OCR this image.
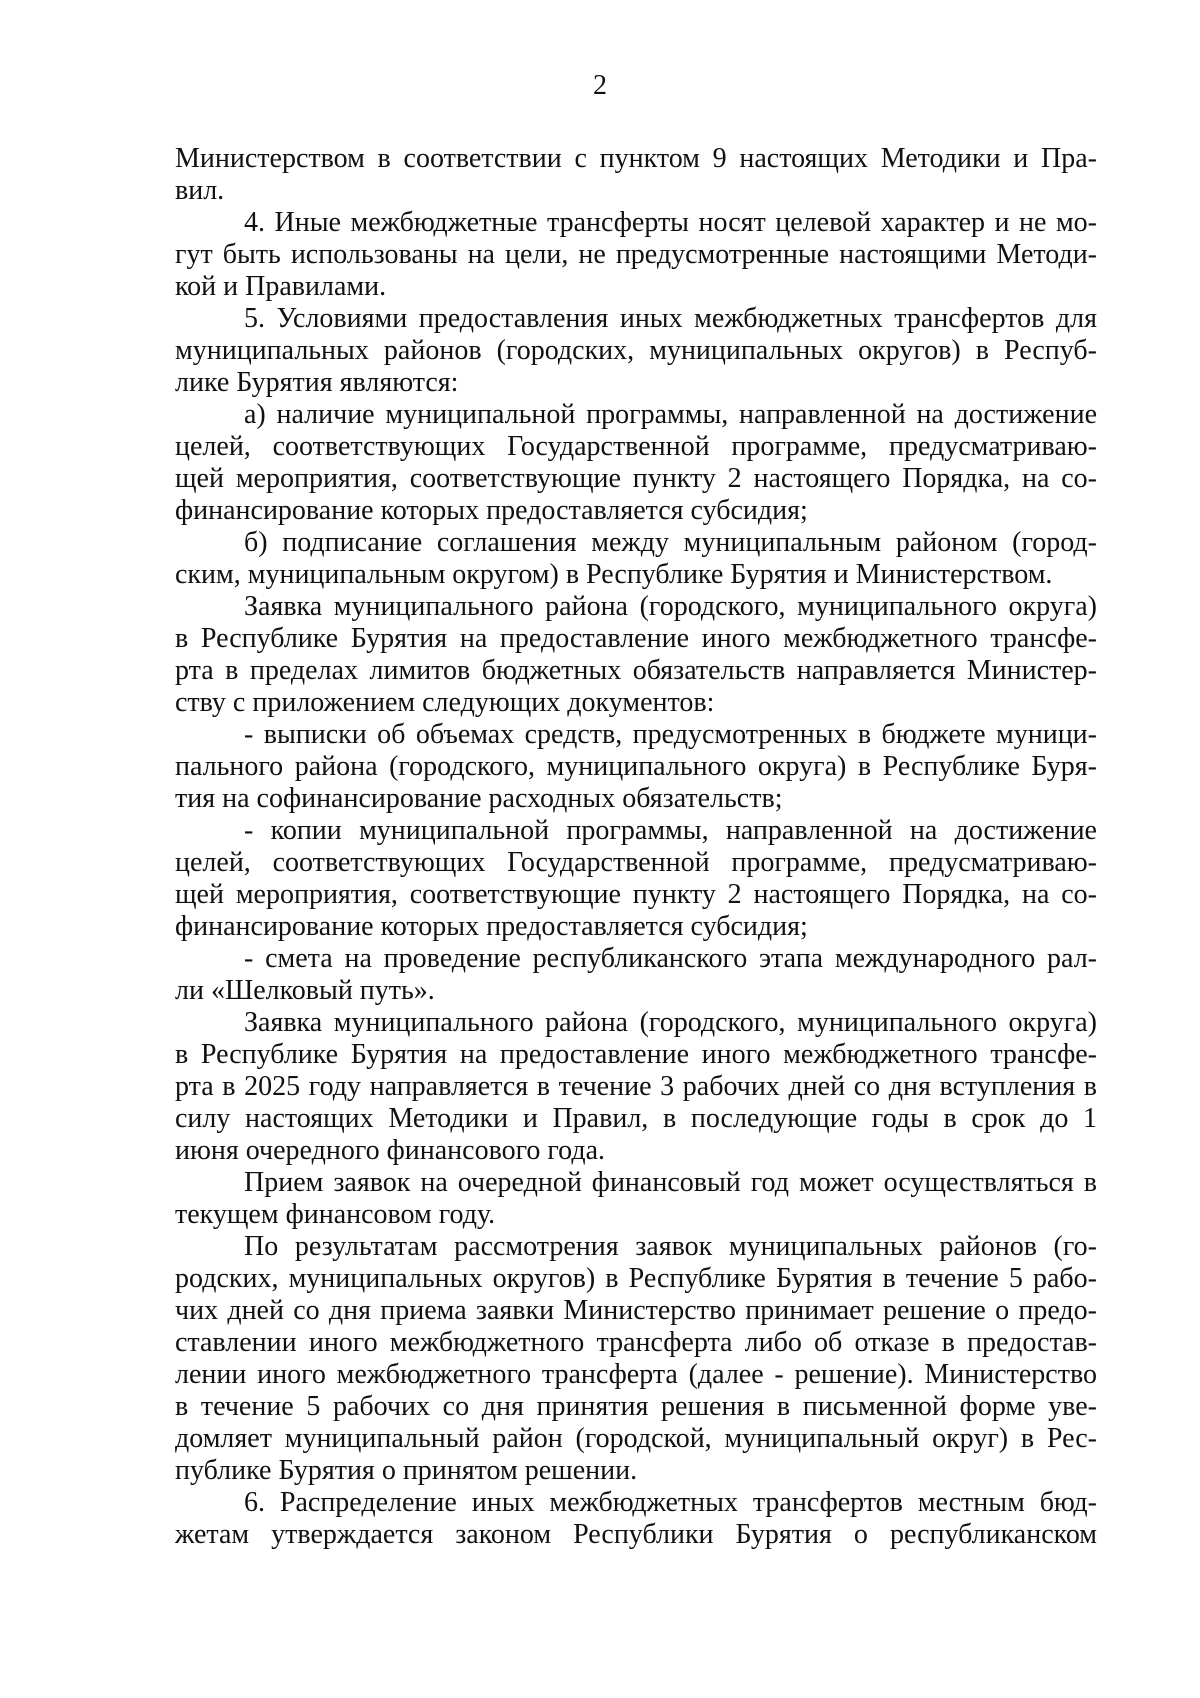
2
Министерством в соответствии с пунктом 9 настоящих Методики и Пра-
вил.
4. Иные межбюджетные трансферты носят целевой характер и не мо-
гут быть использованы на цели, не предусмотренные настоящими Методи-
кой и Правилами.
5. Условиями предоставления иных межбюджетных трансфертов для
муниципальных районов (городских, муниципальных округов) в Респуб-
лике Бурятия являются:
а) наличие муниципальной программы, направленной на достижение
целей, соответствующих Государственной программе, предусматриваю-
щей мероприятия, соответствующие пункту 2 настоящего Порядка, на со-
финансирование которых предоставляется субсидия;
б) подписание соглашения между муниципальным районом (город-
ским, муниципальным округом) в Республике Бурятия и Министерством.
Заявка муниципального района (городского, муниципального округа)
в Республике Бурятия на предоставление иного межбюджетного трансфе-
рта в пределах лимитов бюджетных обязательств направляется Министер-
ству с приложением следующих документов:
- выписки об объемах средств, предусмотренных в бюджете муници-
пального района (городского, муниципального округа) в Республике Буря-
тия на софинансирование расходных обязательств;
- копии муниципальной программы, направленной на достижение
целей, соответствующих Государственной программе, предусматриваю-
щей мероприятия, соответствующие пункту 2 настоящего Порядка, на со-
финансирование которых предоставляется субсидия;
- смета на проведение республиканского этапа международного рал-
ли «Шелковый путь».
Заявка муниципального района (городского, муниципального округа)
в Республике Бурятия на предоставление иного межбюджетного трансфе-
рта в 2025 году направляется в течение 3 рабочих дней со дня вступления в
силу настоящих Методики и Правил, в последующие годы в срок до 1
июня очередного финансового года.
Прием заявок на очередной финансовый год может осуществляться в
текущем финансовом году.
По результатам рассмотрения заявок муниципальных районов (го-
родских, муниципальных округов) в Республике Бурятия в течение 5 рабо-
чих дней со дня приема заявки Министерство принимает решение о предо-
ставлении иного межбюджетного трансферта либо об отказе в предостав-
лении иного межбюджетного трансферта (далее - решение). Министерство
в течение 5 рабочих со дня принятия решения в письменной форме уве-
домляет муниципальный район (городской, муниципальный округ) в Рес-
публике Бурятия о принятом решении.
6. Распределение иных межбюджетных трансфертов местным бюд-
жетам утверждается законом Республики Бурятия о республиканском
